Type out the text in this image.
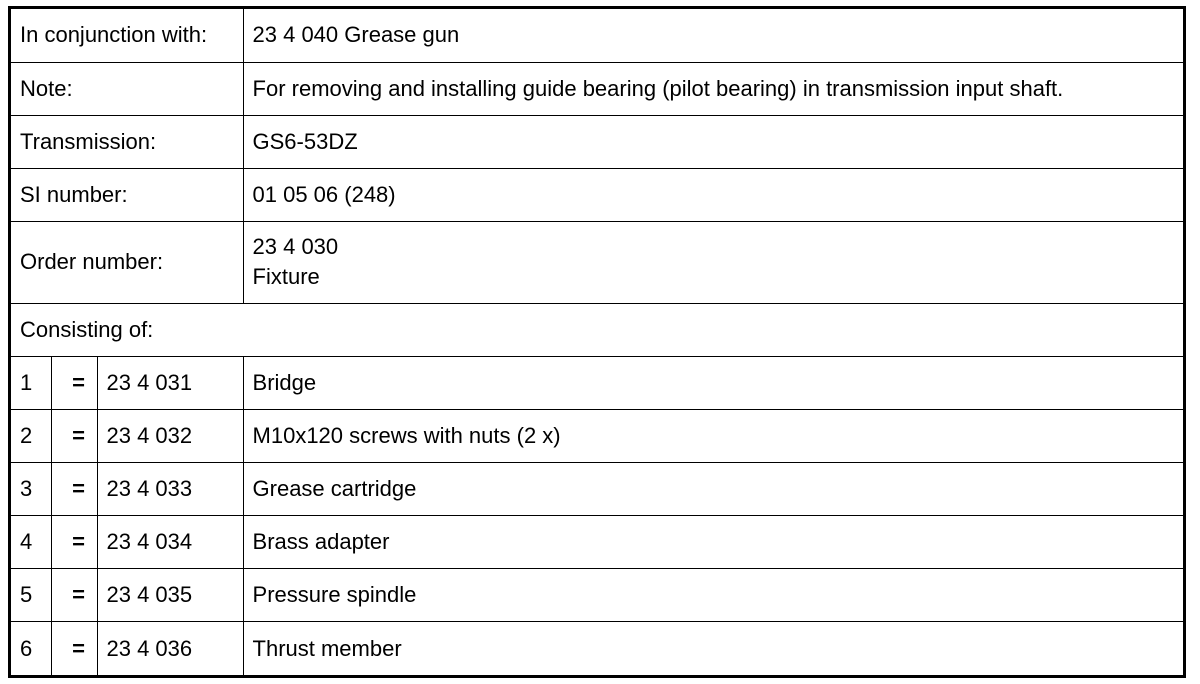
In conjunction with:			23 4 040 Grease gun
Note:			For removing and installing guide bearing (pilot bearing) in transmission input shaft.
Transmission:			GS6-53DZ
SI number:			01 05 06 (248)
Order number:			23 4 030
Fixture

Consisting of:			
1	=	23 4 031	Bridge
2	=	23 4 032	M10x120 screws with nuts (2 x)
3	=	23 4 033	Grease cartridge
4	=	23 4 034	Brass adapter
5	=	23 4 035	Pressure spindle
6	=	23 4 036	Thrust member
